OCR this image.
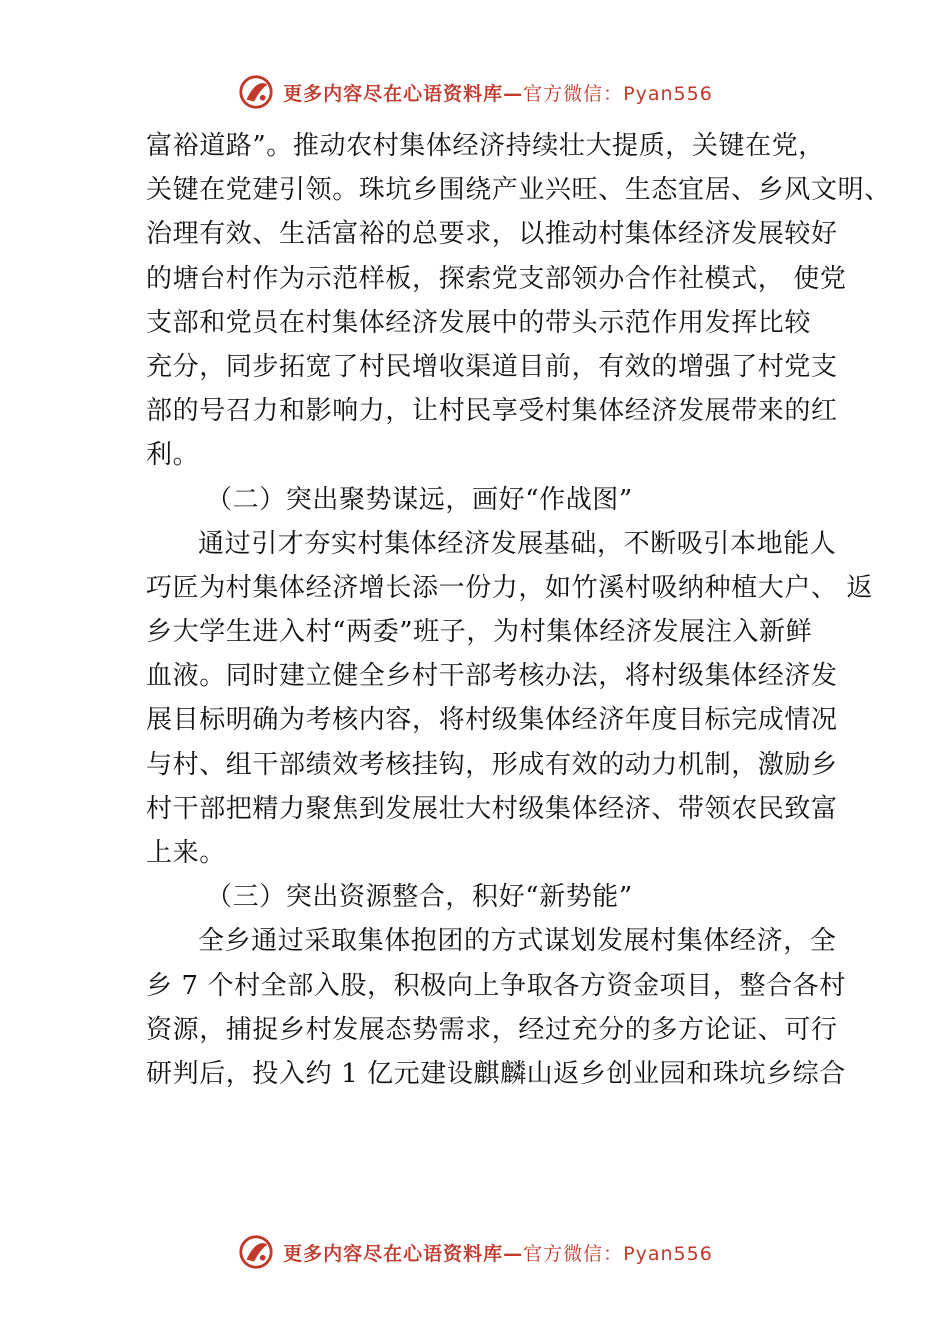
更多内容尽在心语资料库—官方微信：Pyan556
富裕道路”。推动农村集体经济持续壮大提质，关键在党，
关键在党建引领。珠坑乡围绕产业兴旺、生态宜居、乡风文明、
治理有效、生活富裕的总要求，以推动村集体经济发展较好
的塘台村作为示范样板，探索党支部领办合作社模式， 使党
支部和党员在村集体经济发展中的带头示范作用发挥比较
充分，同步拓宽了村民增收渠道目前，有效的增强了村党支
部的号召力和影响力，让村民享受村集体经济发展带来的红
利。
（二）突出聚势谋远，画好“作战图”
通过引才夯实村集体经济发展基础，不断吸引本地能人
巧匠为村集体经济增长添一份力，如竹溪村吸纳种植大户、 返
乡大学生进入村“两委”班子，为村集体经济发展注入新鲜
血液。同时建立健全乡村干部考核办法，将村级集体经济发
展目标明确为考核内容，将村级集体经济年度目标完成情况
与村、组干部绩效考核挂钩，形成有效的动力机制，激励乡
村干部把精力聚焦到发展壮大村级集体经济、带领农民致富
上来。
（三）突出资源整合，积好“新势能”
全乡通过采取集体抱团的方式谋划发展村集体经济，全
乡 7 个村全部入股，积极向上争取各方资金项目，整合各村
资源，捕捉乡村发展态势需求，经过充分的多方论证、可行
研判后，投入约 1 亿元建设麒麟山返乡创业园和珠坑乡综合
更多内容尽在心语资料库—官方微信：Pyan556
